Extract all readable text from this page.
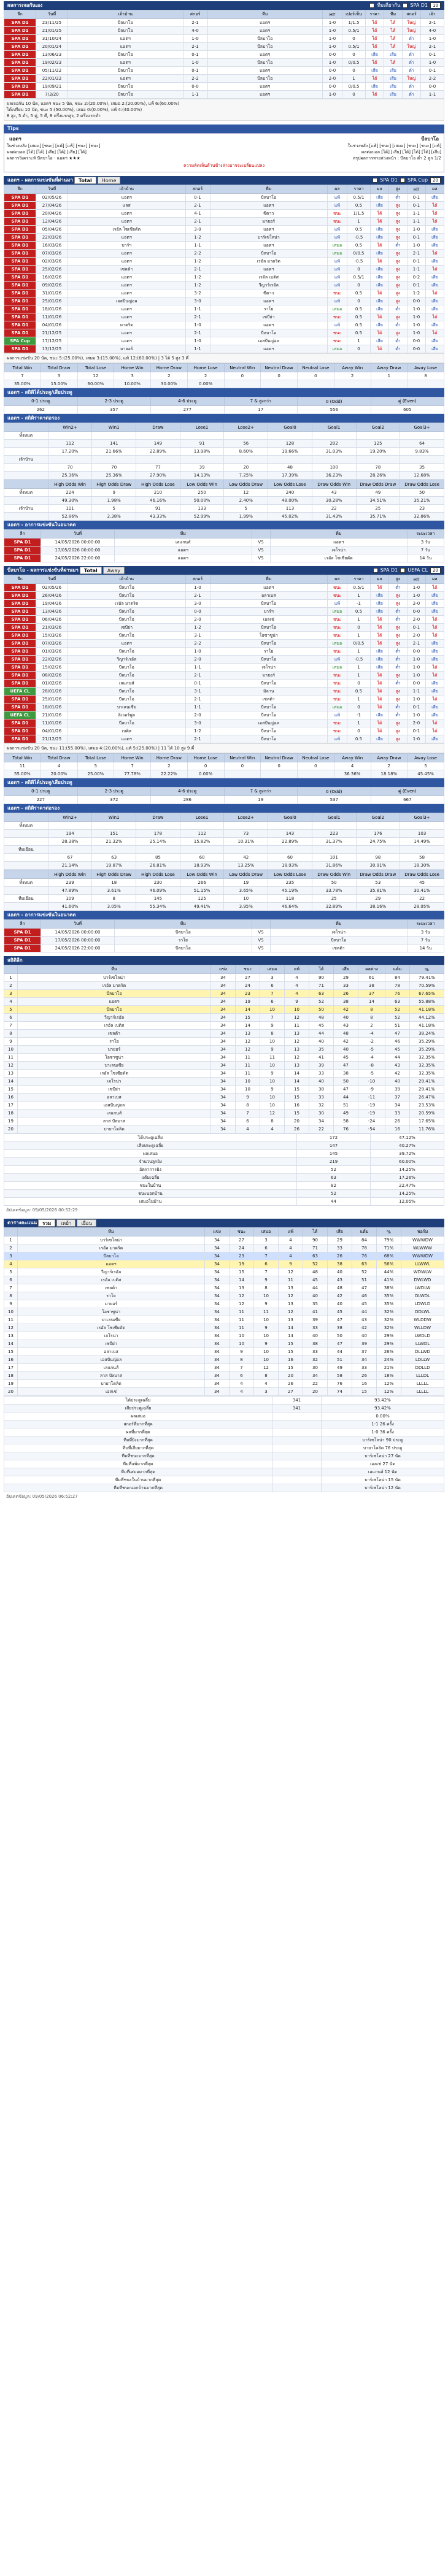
ผลการเจอกันเอง	ทีมเดียวกัน SPA D1	10
ลีก	วันที่	เจ้าบ้าน	สกอร์	ทีม	HT	เปอร์เซ็น	ราคา	ทีม	สกอร์	เจ้า
SPA D1	23/11/25	บีลบาโอ	2-1	แอตฯ	1-0	1/1.5	ได้	ได้	ใหญ่	2-1
SPA D1	21/01/25	บีลบาโอ	4-0	แอตฯ	1-0	0.5/1	ได้	ได้	ใหญ่	4-0
SPA D1	31/10/24	แอตฯ	1-0	บีลบาโอ	1-0	0	ได้	ได้	ต่ำ	1-0
SPA D1	20/01/24	แอตฯ	2-1	บีลบาโอ	1-0	0.5/1	ได้	ได้	ใหญ่	2-1
SPA D1	13/06/23	บีลบาโอ	0-1	แอตฯ	0-0	0	เสีย	เสีย	ต่ำ	0-1
SPA D1	19/02/23	แอตฯ	1-0	บีลบาโอ	1-0	0/0.5	ได้	ได้	ต่ำ	1-0
SPA D1	05/11/22	บีลบาโอ	0-1	แอตฯ	0-0	0	เสีย	เสีย	ต่ำ	0-1
SPA D1	22/01/22	แอตฯ	2-2	บีลบาโอ	2-0	1	ได้	เสีย	ใหญ่	2-2
SPA D1	19/09/21	บีลบาโอ	0-0	แอตฯ	0-0	0/0.5	เสีย	เสีย	ต่ำ	0-0
SPA D1	7/3/20	บีลบาโอ	1-1	แอตฯ	1-0	0	ได้	เสีย	ต่ำ	1-1
ผลเจอกัน 10 นัด, แอตฯ ชนะ 5 นัด, ชนะ 2:(20.00%), เสมอ 2:(20.00%), แพ้ 6:(60.00%)
ได้เปรียบ 10 นัด, ชนะ 5:(50.00%), เสมอ 0:(0.00%), แพ้ 4:(40.00%)
8 สูง, 5 ต่ำ, 5 คู่, 5 คี่, 8 ครึ่งแรกสูง, 2 ครึ่งแรกต่ำ
Tips
แอตฯ	บีลบาโอ
ในช่วงหลัง [เสมอ] [ชนะ] [แพ้] [แพ้] [ชนะ] [ชนะ]	ในช่วงหลัง [แพ้] [ชนะ] [เสมอ] [ชนะ] [ชนะ] [แพ้]
ผลต่อบอล [ได้] [ได้] [เสีย] [ได้] [เสีย] [ได้]	ผลต่อบอล [ได้] [เสีย] [ได้] [ได้] [ได้] [เสีย]
ผลการวิเคราะห์ บีลบาโอ - แอตฯ ★★★	สรุปผลการทายล่วงหน้า : บีลบาโอ ต่ำ 2 ลูก 1/2
ความคิดเห็นด้านข้างล่างอาจจะเปลี่ยนแปลง
แอตฯ - ผลการแข่งขันที่ผ่านมา	Total	Home	SPA D1 SPA Cup	20
ลีก	วันที่	เจ้าบ้าน	สกอร์	ทีม	ผล	ราคา	ผล	สูง	HT	ผล
SPA D1	02/05/26	แอตฯ	0-1	บีลบาโอ	แพ้	0.5/1	เสีย	ต่ำ	0-1	เสีย
SPA D1	27/04/26	แลส	2-1	แอตฯ	แพ้	0.5	เสีย	สูง	0-1	ได้
SPA D1	20/04/26	แอตฯ	4-1	ซีดาว	ชนะ	1/1.5	ได้	สูง	1-1	ได้
SPA D1	12/04/26	แอตฯ	2-1	มายอร์	ชนะ	1	ได้	สูง	1-1	ได้
SPA D1	05/04/26	เรอัล โซเซียดัด	3-0	แอตฯ	แพ้	0.5	เสีย	สูง	1-0	เสีย
SPA D1	22/03/26	แอตฯ	1-2	บาร์เซโลน่า	แพ้	-0.5	เสีย	สูง	0-1	เสีย
SPA D1	16/03/26	บาร์ฯ	1-1	แอตฯ	เสมอ	0.5	ได้	ต่ำ	1-0	เสีย
SPA D1	07/03/26	แอตฯ	2-2	บีลบาโอ	เสมอ	0/0.5	เสีย	สูง	2-1	ได้
SPA D1	02/03/26	แอตฯ	1-2	เรอัล มาดริด	แพ้	-0.5	ได้	สูง	0-1	เสีย
SPA D1	25/02/26	เซลต้า	2-1	แอตฯ	แพ้	0	เสีย	สูง	1-1	ได้
SPA D1	16/02/26	แอตฯ	1-2	เรอัล เบติส	แพ้	0.5/1	เสีย	สูง	0-2	เสีย
SPA D1	09/02/26	แอตฯ	1-2	วีญาร์เรอัล	แพ้	0	เสีย	สูง	0-1	เสีย
SPA D1	31/01/26	แอตฯ	3-2	ซีดาว	ชนะ	0.5	ได้	สูง	1-2	ได้
SPA D1	25/01/26	เอสปันญ่อล	3-0	แอตฯ	แพ้	0	เสีย	สูง	0-0	เสีย
SPA D1	18/01/26	แอตฯ	1-1	ราโย	เสมอ	0.5	เสีย	ต่ำ	1-0	เสีย
SPA D1	11/01/26	แอตฯ	2-1	เซบีย่า	ชนะ	0.5	ได้	สูง	1-0	ได้
SPA D1	04/01/26	มาดริด	1-0	แอตฯ	แพ้	0.5	เสีย	ต่ำ	1-0	เสีย
SPA D1	21/12/25	แอตฯ	2-1	บีลบาโอ	ชนะ	0.5	ได้	สูง	1-0	ได้
SPA Cup	17/12/25	แอตฯ	1-0	เอสปันญ่อล	ชนะ	1	เสีย	ต่ำ	0-0	เสีย
SPA D1	13/12/25	มายอร์	1-1	แอตฯ	เสมอ	0	ได้	ต่ำ	0-0	เสีย
ผลการแข่งขัน 20 นัด, ชนะ 5:(25.00%), เสมอ 3:(15.00%), แพ้ 12:(60.00%) | 3 ได้ 5 สูง 3 คี่
Total Win	Total Draw	Total Lose	Home Win	Home Draw	Home Lose	Neutral Win	Neutral Draw	Neutral Lose	Away Win	Away Draw	Away Lose
7	3	12	3	2	2	0	0	0	2	1	8
35.00%	15.00%	60.00%	10.00%	30.00%	0.00%						
แอตฯ - สถิติได้ประตู/เสียประตู
0-1 ประตู	2-3 ประตู	4-6 ประตู	7 & สูงกว่า	0 (Odd)	คู่ (Even)
262	357	277	17	556	605
แอตฯ - สถิติราคาต่อรอง
	Win2+	Win1	Draw	Lose1	Lose2+	Goal0	Goal1	Goal2	Goal3+
ทั้งหมด									
	112	141	149	91	56	128	202	125	64
	17.20%	21.66%	22.89%	13.98%	8.60%	19.66%	31.03%	19.20%	9.83%
เจ้าบ้าน									
	70	70	77	39	20	48	100	78	35
	25.36%	25.36%	27.90%	14.13%	7.25%	17.39%	36.23%	28.26%	12.68%
	High Odds Win	High Odds Draw	High Odds Lose	Low Odds Win	Low Odds Draw	Low Odds Lose	Draw Odds Win	Draw Odds Draw	Draw Odds Lose
ทั้งหมด	224	9	210	250	12	240	43	49	50
	49.30%	1.98%	46.16%	50.00%	2.40%	48.00%	30.28%	34.51%	35.21%
เจ้าบ้าน	111	5	91	133	5	113	22	25	23
	52.86%	2.38%	43.33%	52.99%	1.99%	45.02%	31.43%	35.71%	32.86%
แอตฯ - อาการแข่งขันในอนาคต
ลีก	วันที่	ทีม		ทีม	ระยะเวลา
SPA D1	14/05/2026 00:00:00	เลแกนส์	VS	แอตฯ	3 วัน
SPA D1	17/05/2026 00:00:00	แอตฯ	VS	เจโรน่า	7 วัน
SPA D1	24/05/2026 22:00:00	แอตฯ	VS	เรอัล โซเซียดัด	14 วัน
บีลบาโอ - ผลการแข่งขันที่ผ่านมา	Total	Away	SPA D1 UEFA CL	20
ลีก	วันที่	เจ้าบ้าน	สกอร์	ทีม	ผล	ราคา	ผล	สูง	HT	ผล
SPA D1	02/05/26	บีลบาโอ	1-0	แอตฯ	ชนะ	0.5/1	ได้	ต่ำ	1-0	ได้
SPA D1	26/04/26	บีลบาโอ	2-1	อลาเบส	ชนะ	1	เสีย	สูง	1-0	เสีย
SPA D1	19/04/26	เรอัล มาดริด	3-0	บีลบาโอ	แพ้	-1	เสีย	สูง	2-0	เสีย
SPA D1	13/04/26	บีลบาโอ	0-0	บาร์ฯ	เสมอ	0.5	เสีย	ต่ำ	0-0	เสีย
SPA D1	06/04/26	บีลบาโอ	2-0	เอลเช่	ชนะ	1	ได้	ต่ำ	2-0	ได้
SPA D1	21/03/26	เซบีย่า	1-2	บีลบาโอ	ชนะ	0	ได้	สูง	0-1	ได้
SPA D1	15/03/26	บีลบาโอ	3-1	โอซาซูน่า	ชนะ	1	ได้	สูง	2-0	ได้
SPA D1	07/03/26	แอตฯ	2-2	บีลบาโอ	เสมอ	0/0.5	ได้	สูง	2-1	เสีย
SPA D1	01/03/26	บีลบาโอ	1-0	ราโย	ชนะ	1	เสีย	ต่ำ	0-0	เสีย
SPA D1	22/02/26	วีญาร์เรอัล	2-0	บีลบาโอ	แพ้	-0.5	เสีย	ต่ำ	1-0	เสีย
SPA D1	15/02/26	บีลบาโอ	1-1	เจโรน่า	เสมอ	1	เสีย	ต่ำ	1-0	ได้
SPA D1	08/02/26	บีลบาโอ	2-1	มายอร์	ชนะ	1	ได้	สูง	1-0	ได้
SPA D1	01/02/26	เลแกนส์	0-1	บีลบาโอ	ชนะ	0	ได้	ต่ำ	0-0	เสีย
UEFA CL	28/01/26	บีลบาโอ	3-1	มิลาน	ชนะ	0.5	ได้	สูง	1-1	เสีย
SPA D1	25/01/26	บีลบาโอ	2-1	เซลต้า	ชนะ	1	ได้	สูง	1-0	ได้
SPA D1	18/01/26	บาเลนเซีย	1-1	บีลบาโอ	เสมอ	0	ได้	ต่ำ	0-1	เสีย
UEFA CL	21/01/26	ลิเวอร์พูล	2-0	บีลบาโอ	แพ้	-1	เสีย	ต่ำ	1-0	เสีย
SPA D1	11/01/26	บีลบาโอ	3-0	เอสปันญ่อล	ชนะ	1	ได้	สูง	2-0	ได้
SPA D1	04/01/26	เบติส	1-2	บีลบาโอ	ชนะ	0	ได้	สูง	0-1	ได้
SPA D1	21/12/25	แอตฯ	2-1	บีลบาโอ	แพ้	0.5	เสีย	สูง	1-0	เสีย
ผลการแข่งขัน 20 นัด, ชนะ 11:(55.00%), เสมอ 4:(20.00%), แพ้ 5:(25.00%) | 11 ได้ 10 สูง 9 คี่
Total Win	Total Draw	Total Lose	Home Win	Home Draw	Home Lose	Neutral Win	Neutral Draw	Neutral Lose	Away Win	Away Draw	Away Lose
11	4	5	7	2	0	0	0	0	4	2	5
55.00%	20.00%	25.00%	77.78%	22.22%	0.00%				36.36%	18.18%	45.45%
แอตฯ - สถิติได้ประตู/เสียประตู
0-1 ประตู	2-3 ประตู	4-6 ประตู	7 & สูงกว่า	0 (Odd)	คู่ (Even)
227	372	286	19	537	667
แอตฯ - สถิติราคาต่อรอง
	Win2+	Win1	Draw	Lose1	Lose2+	Goal0	Goal1	Goal2	Goal3+
ทั้งหมด									
	194	151	178	112	73	143	223	176	103
	28.38%	21.32%	25.14%	15.82%	10.31%	22.89%	31.37%	24.75%	14.49%
ทีมเยือน									
	67	63	85	60	42	60	101	98	58
	21.14%	19.87%	26.81%	18.93%	13.25%	18.93%	31.86%	30.91%	18.30%
	High Odds Win	High Odds Draw	High Odds Lose	Low Odds Win	Low Odds Draw	Low Odds Lose	Draw Odds Win	Draw Odds Draw	Draw Odds Lose
ทั้งหมด	239	18	230	266	19	235	50	53	45
	47.89%	3.61%	46.09%	51.15%	3.65%	45.19%	33.78%	35.81%	30.41%
ทีมเยือน	109	8	145	125	10	118	25	29	22
	41.60%	3.05%	55.34%	49.41%	3.95%	46.64%	32.89%	38.16%	28.95%
แอตฯ - อาการแข่งขันในอนาคต
ลีก	วันที่	ทีม		ทีม	ระยะเวลา
SPA D1	14/05/2026 00:00:00	บีลบาโอ	VS	เจโรน่า	3 วัน
SPA D1	17/05/2026 00:00:00	ราโย	VS	บีลบาโอ	7 วัน
SPA D1	24/05/2026 22:00:00	บีลบาโอ	VS	เซลต้า	14 วัน
สถิติลีก
	ทีม	แข่ง	ชนะ	เสมอ	แพ้	ได้	เสีย	ผลต่าง	แต้ม	%
1	บาร์เซโลน่า	34	27	3	4	90	29	61	84	79.41%
2	เรอัล มาดริด	34	24	6	4	71	33	38	78	70.59%
3	บีลบาโอ	34	23	7	4	63	26	37	76	67.65%
4	แอตฯ	34	19	6	9	52	38	14	63	55.88%
5	บีลบาโอ	34	14	10	10	50	42	8	52	41.18%
6	วีญาร์เรอัล	34	15	7	12	48	40	8	52	44.12%
7	เรอัล เบติส	34	14	9	11	45	43	2	51	41.18%
8	เซลต้า	34	13	8	13	44	48	-4	47	38.24%
9	ราโย	34	12	10	12	40	42	-2	46	35.29%
10	มายอร์	34	12	9	13	35	40	-5	45	35.29%
11	โอซาซูน่า	34	11	11	12	41	45	-4	44	32.35%
12	บาเลนเซีย	34	11	10	13	39	47	-8	43	32.35%
13	เรอัล โซเซียดัด	34	11	9	14	33	38	-5	42	32.35%
14	เจโรน่า	34	10	10	14	40	50	-10	40	29.41%
15	เซบีย่า	34	10	9	15	38	47	-9	39	29.41%
16	อลาเบส	34	9	10	15	33	44	-11	37	26.47%
17	เอสปันญ่อล	34	8	10	16	32	51	-19	34	23.53%
18	เลแกนส์	34	7	12	15	30	49	-19	33	20.59%
19	ลาส ปัลมาส	34	6	8	20	34	58	-24	26	17.65%
20	บายาโดลิด	34	4	4	26	22	76	-54	16	11.76%
ได้ประตูเฉลี่ย	172	47.12%
เสียประตูเฉลี่ย	147	40.27%
ผลเสมอ	145	39.72%
จำนวนลูกยิง	219	60.00%
อัตราการยิง	52	14.25%
แต้มเฉลี่ย	63	17.26%
ชนะในบ้าน	82	22.47%
ชนะนอกบ้าน	52	14.25%
เสมอในบ้าน	44	12.05%
อัปเดตข้อมูล: 09/05/2026 00:52:29
ตารางคะแนน	รวม	เหย้า	เยือน
	ทีม	แข่ง	ชนะ	เสมอ	แพ้	ได้	เสีย	แต้ม	%	ฟอร์ม
1	บาร์เซโลน่า	34	27	3	4	90	29	84	79%	WWWDW
2	เรอัล มาดริด	34	24	6	4	71	33	78	71%	WLWWW
3	บีลบาโอ	34	23	7	4	63	26	76	68%	WWWDW
4	แอตฯ	34	19	6	9	52	38	63	56%	LLWWL
5	วีญาร์เรอัล	34	15	7	12	48	40	52	44%	WDWLW
6	เรอัล เบติส	34	14	9	11	45	43	51	41%	DWLWD
7	เซลต้า	34	13	8	13	44	48	47	38%	LWDLW
8	ราโย	34	12	10	12	40	42	46	35%	DLWDL
9	มายอร์	34	12	9	13	35	40	45	35%	LDWLD
10	โอซาซูน่า	34	11	11	12	41	45	44	32%	DDLWL
11	บาเลนเซีย	34	11	10	13	39	47	43	32%	WLDDW
12	เรอัล โซเซียดัด	34	11	9	14	33	38	42	32%	WLLDW
13	เจโรน่า	34	10	10	14	40	50	40	29%	LWDLD
14	เซบีย่า	34	10	9	15	38	47	39	29%	LLWDL
15	อลาเบส	34	9	10	15	33	44	37	26%	DLLWD
16	เอสปันญ่อล	34	8	10	16	32	51	34	24%	LDLLW
17	เลแกนส์	34	7	12	15	30	49	33	21%	DDLLD
18	ลาส ปัลมาส	34	6	8	20	34	58	26	18%	LLLDL
19	บายาโดลิด	34	4	4	26	22	76	16	12%	LLLLL
20	เอลเช่	34	4	3	27	20	74	15	12%	LLLLL
ได้ประตูเฉลี่ย	341	93.42%
เสียประตูเฉลี่ย	341	93.42%
ผลเสมอ		0.00%
สกอร์ที่มากที่สุด		1-1 26 ครั้ง
ผลที่มากที่สุด		1-0 36 ครั้ง
ทีมที่ยิงมากที่สุด		บาร์เซโลน่า 90 ประตู
ทีมที่เสียมากที่สุด		บายาโดลิด 76 ประตู
ทีมที่ชนะมากที่สุด		บาร์เซโลน่า 27 นัด
ทีมที่แพ้มากที่สุด		เอลเช่ 27 นัด
ทีมที่เสมอมากที่สุด		เลแกนส์ 12 นัด
ทีมที่ชนะในบ้านมากที่สุด		บาร์เซโลน่า 15 นัด
ทีมที่ชนะนอกบ้านมากที่สุด		บาร์เซโลน่า 12 นัด
อัปเดตข้อมูล: 09/05/2026 06:52:27
